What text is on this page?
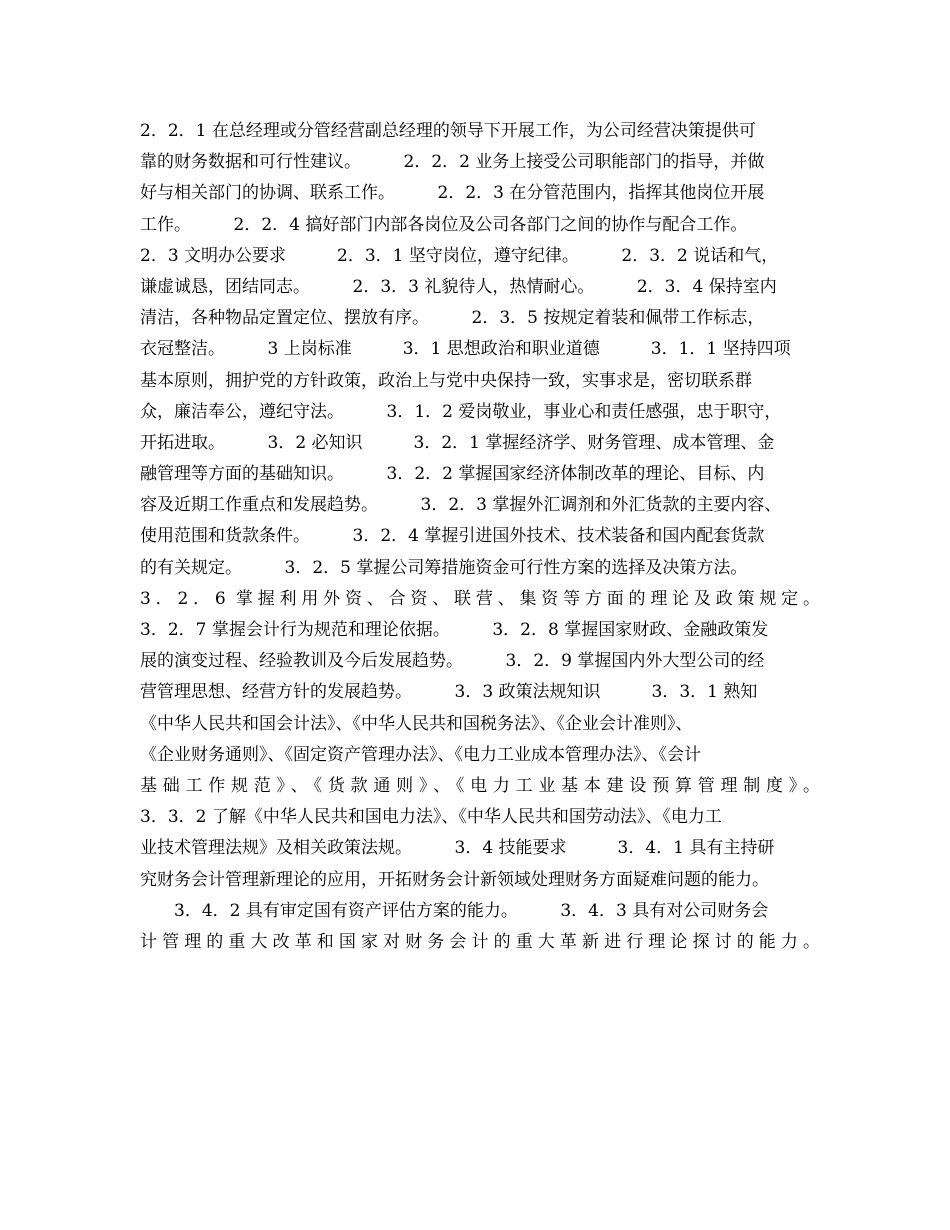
2．2．1 在总经理或分管经营副总经理的领导下开展工作，为公司经营决策提供可
靠的财务数据和可行性建议。　　　2．2．2 业务上接受公司职能部门的指导，并做
好与相关部门的协调、联系工作。　　　2．2．3 在分管范围内，指挥其他岗位开展
工作。　　　2．2．4 搞好部门内部各岗位及公司各部门之间的协作与配合工作。
2．3 文明办公要求　　　2．3．1 坚守岗位，遵守纪律。　　　2．3．2 说话和气，
谦虚诚恳，团结同志。　　　2．3．3 礼貌待人，热情耐心。　　　2．3．4 保持室内
清洁，各种物品定置定位、摆放有序。　　　2．3．5 按规定着装和佩带工作标志，
衣冠整洁。　　　3 上岗标准　　　3．1 思想政治和职业道德　　　3．1．1 坚持四项
基本原则，拥护党的方针政策，政治上与党中央保持一致，实事求是，密切联系群
众，廉洁奉公，遵纪守法。　　　3．1．2 爱岗敬业，事业心和责任感强，忠于职守，
开拓进取。　　　3．2 必知识　　　3．2．1 掌握经济学、财务管理、成本管理、金
融管理等方面的基础知识。　　　3．2．2 掌握国家经济体制改革的理论、目标、内
容及近期工作重点和发展趋势。　　　3．2．3 掌握外汇调剂和外汇货款的主要内容、
使用范围和货款条件。　　　3．2．4 掌握引进国外技术、技术装备和国内配套货款
的有关规定。　　　3．2．5 掌握公司筹措施资金可行性方案的选择及决策方法。
3．2．6 掌握利用外资、合资、联营、集资等方面的理论及政策规定。
3．2．7 掌握会计行为规范和理论依据。　　　3．2．8 掌握国家财政、金融政策发
展的演变过程、经验教训及今后发展趋势。　　　3．2．9 掌握国内外大型公司的经
营管理思想、经营方针的发展趋势。　　　3．3 政策法规知识　　　3．3．1 熟知
《中华人民共和国会计法》、《中华人民共和国税务法》、《企业会计准则》、
《企业财务通则》、《固定资产管理办法》、《电力工业成本管理办法》、《会计
基础工作规范》、《货款通则》、《电力工业基本建设预算管理制度》。
3．3．2 了解《中华人民共和国电力法》、《中华人民共和国劳动法》、《电力工
业技术管理法规》及相关政策法规。　　　3．4 技能要求　　　3．4．1 具有主持研
究财务会计管理新理论的应用，开拓财务会计新领域处理财务方面疑难问题的能力。
　　3．4．2 具有审定国有资产评估方案的能力。　　　3．4．3 具有对公司财务会
计管理的重大改革和国家对财务会计的重大革新进行理论探讨的能力。
